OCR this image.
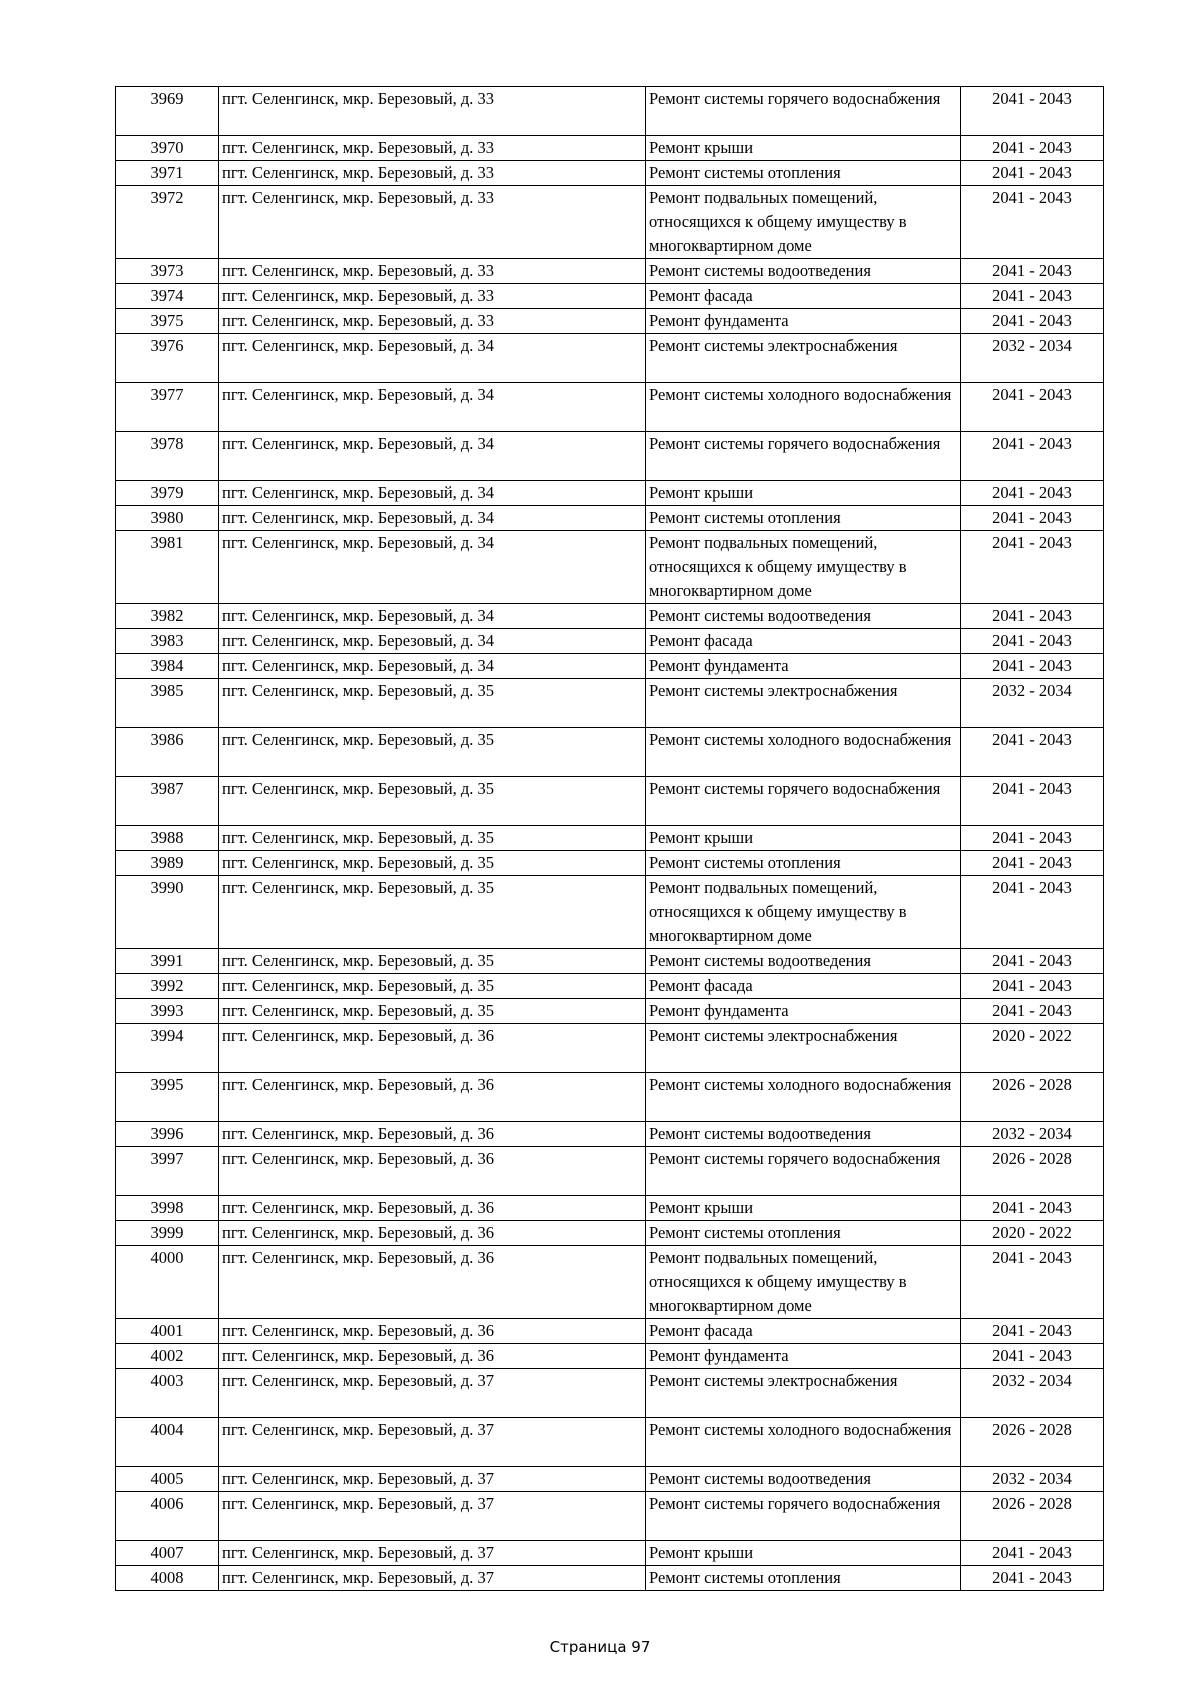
3969	пгт. Селенгинск, мкр. Березовый, д. 33	Ремонт системы горячего водоснабжения	2041 - 2043
3970	пгт. Селенгинск, мкр. Березовый, д. 33	Ремонт крыши	2041 - 2043
3971	пгт. Селенгинск, мкр. Березовый, д. 33	Ремонт системы отопления	2041 - 2043
3972	пгт. Селенгинск, мкр. Березовый, д. 33	Ремонт подвальных помещений, относящихся к общему имуществу в многоквартирном доме	2041 - 2043
3973	пгт. Селенгинск, мкр. Березовый, д. 33	Ремонт системы водоотведения	2041 - 2043
3974	пгт. Селенгинск, мкр. Березовый, д. 33	Ремонт фасада	2041 - 2043
3975	пгт. Селенгинск, мкр. Березовый, д. 33	Ремонт фундамента	2041 - 2043
3976	пгт. Селенгинск, мкр. Березовый, д. 34	Ремонт системы электроснабжения	2032 - 2034
3977	пгт. Селенгинск, мкр. Березовый, д. 34	Ремонт системы холодного водоснабжения	2041 - 2043
3978	пгт. Селенгинск, мкр. Березовый, д. 34	Ремонт системы горячего водоснабжения	2041 - 2043
3979	пгт. Селенгинск, мкр. Березовый, д. 34	Ремонт крыши	2041 - 2043
3980	пгт. Селенгинск, мкр. Березовый, д. 34	Ремонт системы отопления	2041 - 2043
3981	пгт. Селенгинск, мкр. Березовый, д. 34	Ремонт подвальных помещений, относящихся к общему имуществу в многоквартирном доме	2041 - 2043
3982	пгт. Селенгинск, мкр. Березовый, д. 34	Ремонт системы водоотведения	2041 - 2043
3983	пгт. Селенгинск, мкр. Березовый, д. 34	Ремонт фасада	2041 - 2043
3984	пгт. Селенгинск, мкр. Березовый, д. 34	Ремонт фундамента	2041 - 2043
3985	пгт. Селенгинск, мкр. Березовый, д. 35	Ремонт системы электроснабжения	2032 - 2034
3986	пгт. Селенгинск, мкр. Березовый, д. 35	Ремонт системы холодного водоснабжения	2041 - 2043
3987	пгт. Селенгинск, мкр. Березовый, д. 35	Ремонт системы горячего водоснабжения	2041 - 2043
3988	пгт. Селенгинск, мкр. Березовый, д. 35	Ремонт крыши	2041 - 2043
3989	пгт. Селенгинск, мкр. Березовый, д. 35	Ремонт системы отопления	2041 - 2043
3990	пгт. Селенгинск, мкр. Березовый, д. 35	Ремонт подвальных помещений, относящихся к общему имуществу в многоквартирном доме	2041 - 2043
3991	пгт. Селенгинск, мкр. Березовый, д. 35	Ремонт системы водоотведения	2041 - 2043
3992	пгт. Селенгинск, мкр. Березовый, д. 35	Ремонт фасада	2041 - 2043
3993	пгт. Селенгинск, мкр. Березовый, д. 35	Ремонт фундамента	2041 - 2043
3994	пгт. Селенгинск, мкр. Березовый, д. 36	Ремонт системы электроснабжения	2020 - 2022
3995	пгт. Селенгинск, мкр. Березовый, д. 36	Ремонт системы холодного водоснабжения	2026 - 2028
3996	пгт. Селенгинск, мкр. Березовый, д. 36	Ремонт системы водоотведения	2032 - 2034
3997	пгт. Селенгинск, мкр. Березовый, д. 36	Ремонт системы горячего водоснабжения	2026 - 2028
3998	пгт. Селенгинск, мкр. Березовый, д. 36	Ремонт крыши	2041 - 2043
3999	пгт. Селенгинск, мкр. Березовый, д. 36	Ремонт системы отопления	2020 - 2022
4000	пгт. Селенгинск, мкр. Березовый, д. 36	Ремонт подвальных помещений, относящихся к общему имуществу в многоквартирном доме	2041 - 2043
4001	пгт. Селенгинск, мкр. Березовый, д. 36	Ремонт фасада	2041 - 2043
4002	пгт. Селенгинск, мкр. Березовый, д. 36	Ремонт фундамента	2041 - 2043
4003	пгт. Селенгинск, мкр. Березовый, д. 37	Ремонт системы электроснабжения	2032 - 2034
4004	пгт. Селенгинск, мкр. Березовый, д. 37	Ремонт системы холодного водоснабжения	2026 - 2028
4005	пгт. Селенгинск, мкр. Березовый, д. 37	Ремонт системы водоотведения	2032 - 2034
4006	пгт. Селенгинск, мкр. Березовый, д. 37	Ремонт системы горячего водоснабжения	2026 - 2028
4007	пгт. Селенгинск, мкр. Березовый, д. 37	Ремонт крыши	2041 - 2043
4008	пгт. Селенгинск, мкр. Березовый, д. 37	Ремонт системы отопления	2041 - 2043
Страница 97
